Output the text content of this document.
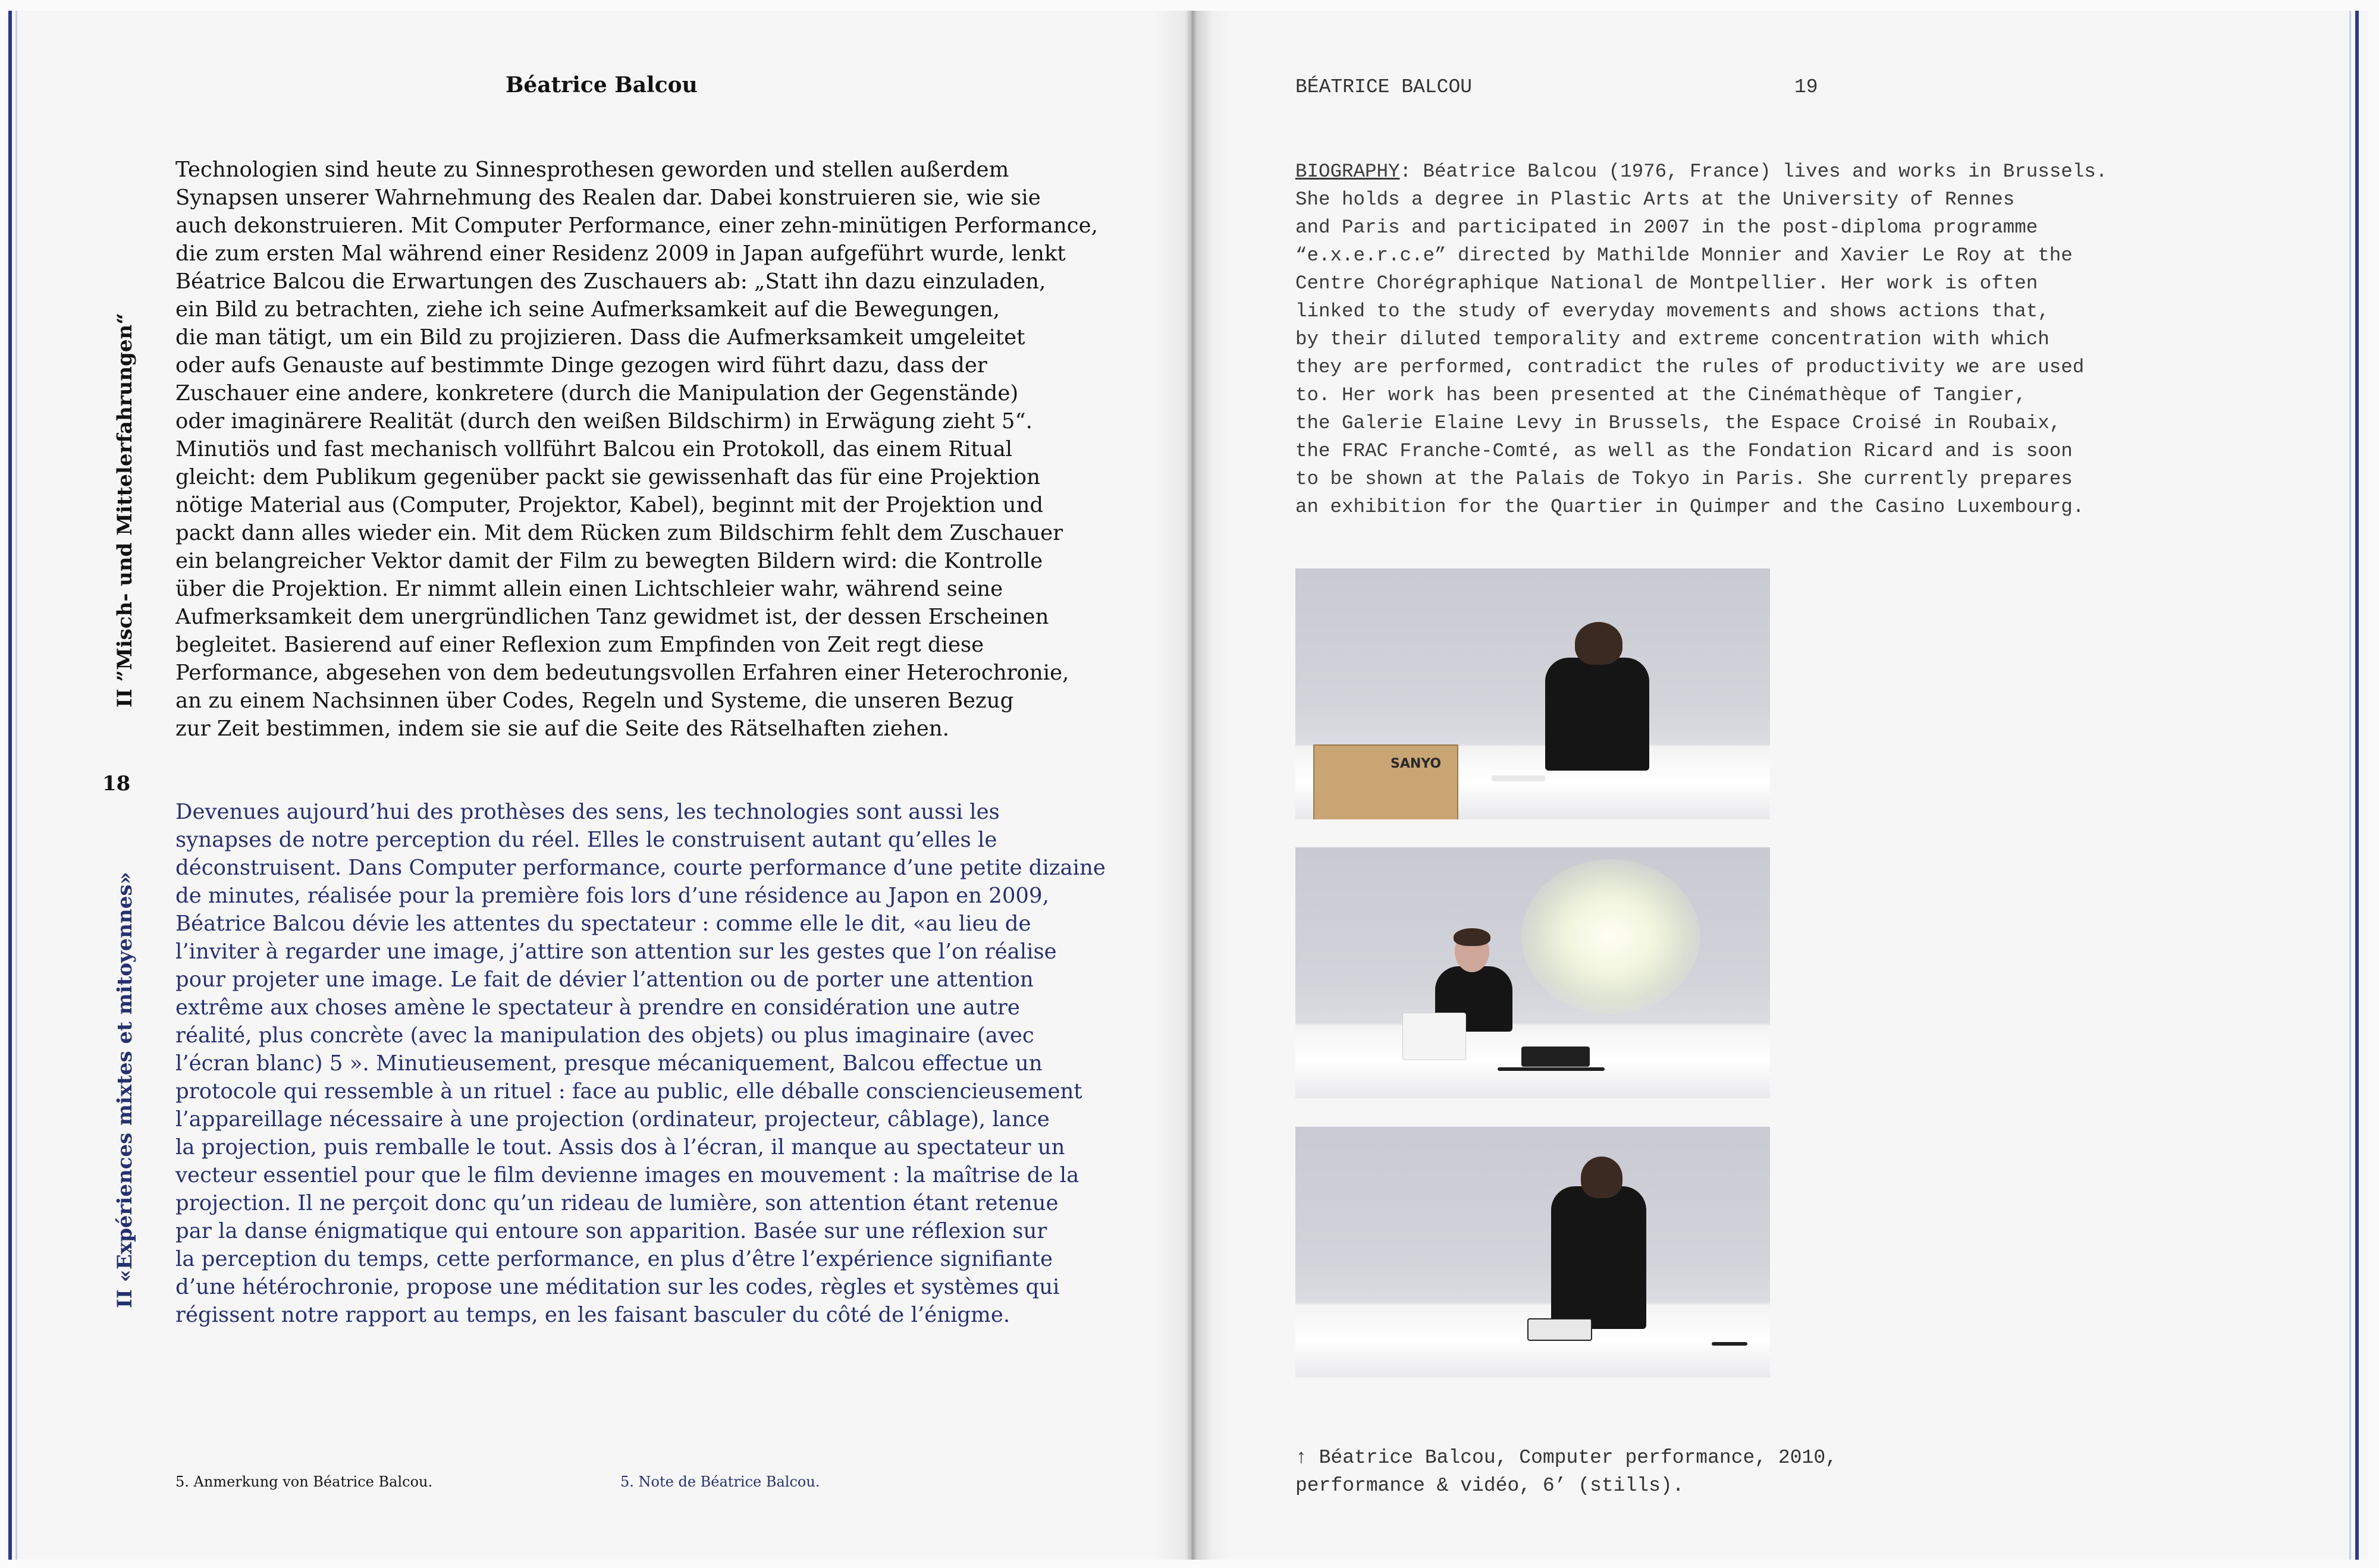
Béatrice Balcou
Technologien sind heute zu Sinnesprothesen geworden und stellen außerdem
Synapsen unserer Wahrnehmung des Realen dar. Dabei konstruieren sie, wie sie
auch dekonstruieren. Mit Computer Performance, einer zehn-minütigen Performance,
die zum ersten Mal während einer Residenz 2009 in Japan aufgeführt wurde, lenkt
Béatrice Balcou die Erwartungen des Zuschauers ab: „Statt ihn dazu einzuladen,
ein Bild zu betrachten, ziehe ich seine Aufmerksamkeit auf die Bewegungen,
die man tätigt, um ein Bild zu projizieren. Dass die Aufmerksamkeit umgeleitet
oder aufs Genauste auf bestimmte Dinge gezogen wird führt dazu, dass der
Zuschauer eine andere, konkretere (durch die Manipulation der Gegenstände)
oder imaginärere Realität (durch den weißen Bildschirm) in Erwägung zieht 5“.
Minutiös und fast mechanisch vollführt Balcou ein Protokoll, das einem Ritual
gleicht: dem Publikum gegenüber packt sie gewissenhaft das für eine Projektion
nötige Material aus (Computer, Projektor, Kabel), beginnt mit der Projektion und
packt dann alles wieder ein. Mit dem Rücken zum Bildschirm fehlt dem Zuschauer
ein belangreicher Vektor damit der Film zu bewegten Bildern wird: die Kontrolle
über die Projektion. Er nimmt allein einen Lichtschleier wahr, während seine
Aufmerksamkeit dem unergründlichen Tanz gewidmet ist, der dessen Erscheinen
begleitet. Basierend auf einer Reflexion zum Empfinden von Zeit regt diese
Performance, abgesehen von dem bedeutungsvollen Erfahren einer Heterochronie,
an zu einem Nachsinnen über Codes, Regeln und Systeme, die unseren Bezug
zur Zeit bestimmen, indem sie sie auf die Seite des Rätselhaften ziehen.
II ”Misch- und Mittelerfahrungen“
18
II «Expériences mixtes et mitoyennes»
Devenues aujourd’hui des prothèses des sens, les technologies sont aussi les
synapses de notre perception du réel. Elles le construisent autant qu’elles le
déconstruisent. Dans Computer performance, courte performance d’une petite dizaine
de minutes, réalisée pour la première fois lors d’une résidence au Japon en 2009,
Béatrice Balcou dévie les attentes du spectateur : comme elle le dit, «au lieu de
l’inviter à regarder une image, j’attire son attention sur les gestes que l’on réalise
pour projeter une image. Le fait de dévier l’attention ou de porter une attention
extrême aux choses amène le spectateur à prendre en considération une autre
réalité, plus concrète (avec la manipulation des objets) ou plus imaginaire (avec
l’écran blanc) 5 ». Minutieusement, presque mécaniquement, Balcou effectue un
protocole qui ressemble à un rituel : face au public, elle déballe consciencieusement
l’appareillage nécessaire à une projection (ordinateur, projecteur, câblage), lance
la projection, puis remballe le tout. Assis dos à l’écran, il manque au spectateur un
vecteur essentiel pour que le film devienne images en mouvement : la maîtrise de la
projection. Il ne perçoit donc qu’un rideau de lumière, son attention étant retenue
par la danse énigmatique qui entoure son apparition. Basée sur une réflexion sur
la perception du temps, cette performance, en plus d’être l’expérience signifiante
d’une hétérochronie, propose une méditation sur les codes, règles et systèmes qui
régissent notre rapport au temps, en les faisant basculer du côté de l’énigme.
5. Anmerkung von Béatrice Balcou.	5. Note de Béatrice Balcou.
BÉATRICE BALCOU	19
BIOGRAPHY: Béatrice Balcou (1976, France) lives and works in Brussels.
She holds a degree in Plastic Arts at the University of Rennes
and Paris and participated in 2007 in the post-diploma programme
“e.x.e.r.c.e” directed by Mathilde Monnier and Xavier Le Roy at the
Centre Chorégraphique National de Montpellier. Her work is often
linked to the study of everyday movements and shows actions that,
by their diluted temporality and extreme concentration with which
they are performed, contradict the rules of productivity we are used
to. Her work has been presented at the Cinémathèque of Tangier,
the Galerie Elaine Levy in Brussels, the Espace Croisé in Roubaix,
the FRAC Franche-Comté, as well as the Fondation Ricard and is soon
to be shown at the Palais de Tokyo in Paris. She currently prepares
an exhibition for the Quartier in Quimper and the Casino Luxembourg.
SANYO
↑ Béatrice Balcou, Computer performance, 2010,
performance & vidéo, 6’ (stills).
